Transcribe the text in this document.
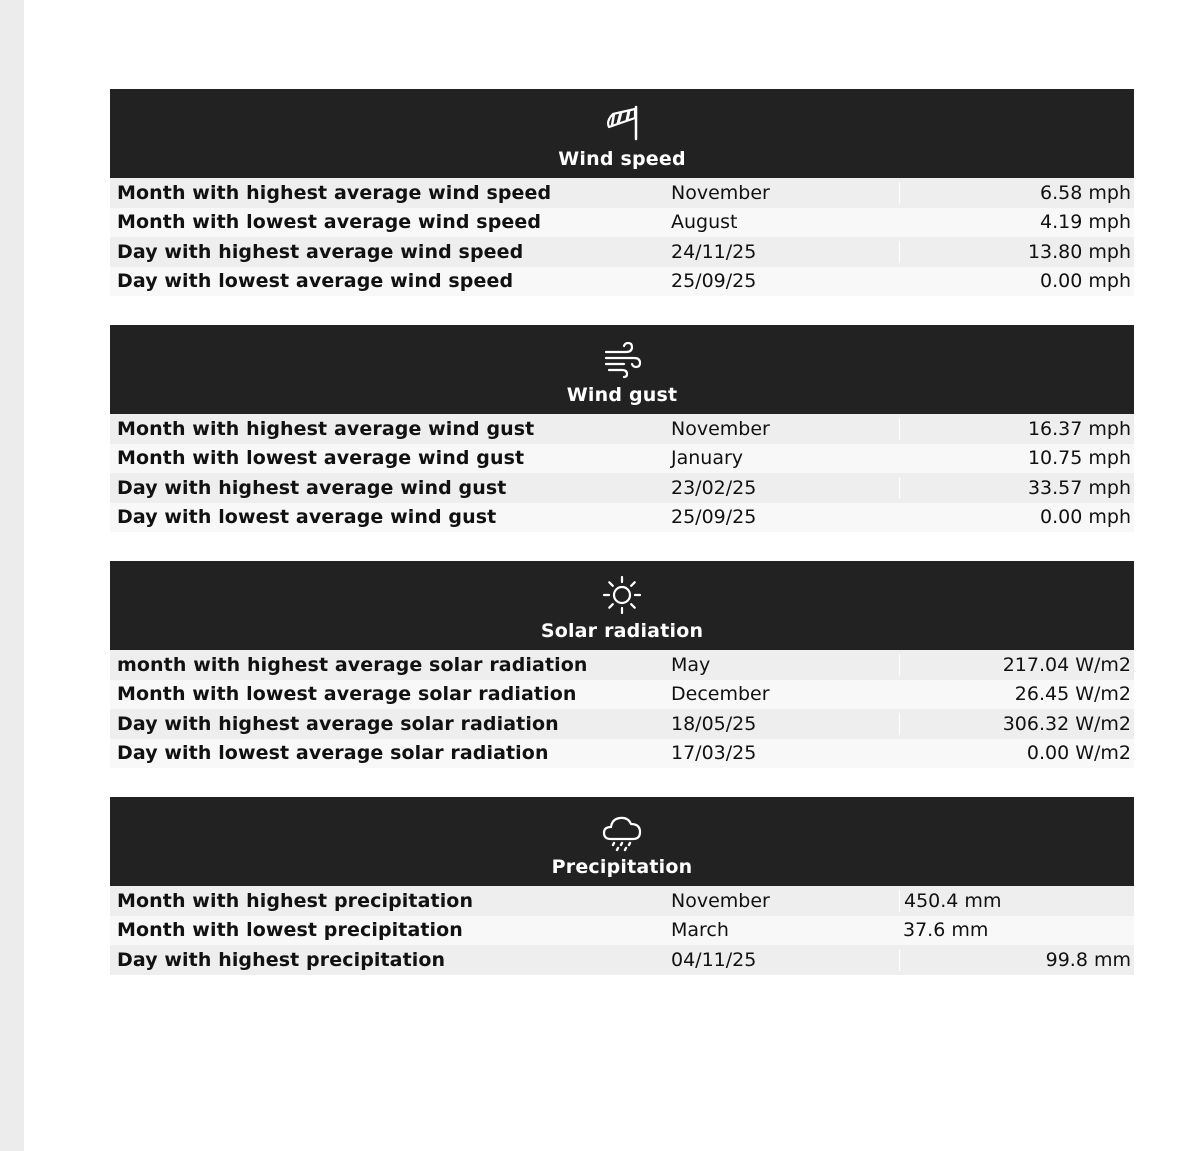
Wind speed
Month with highest average wind speed	November	6.58 mph
Month with lowest average wind speed	August	4.19 mph
Day with highest average wind speed	24/11/25	13.80 mph
Day with lowest average wind speed	25/09/25	0.00 mph
Wind gust
Month with highest average wind gust	November	16.37 mph
Month with lowest average wind gust	January	10.75 mph
Day with highest average wind gust	23/02/25	33.57 mph
Day with lowest average wind gust	25/09/25	0.00 mph
Solar radiation
month with highest average solar radiation	May	217.04 W/m2
Month with lowest average solar radiation	December	26.45 W/m2
Day with highest average solar radiation	18/05/25	306.32 W/m2
Day with lowest average solar radiation	17/03/25	0.00 W/m2
Precipitation
Month with highest precipitation	November	450.4 mm
Month with lowest precipitation	March	37.6 mm
Day with highest precipitation	04/11/25	99.8 mm
